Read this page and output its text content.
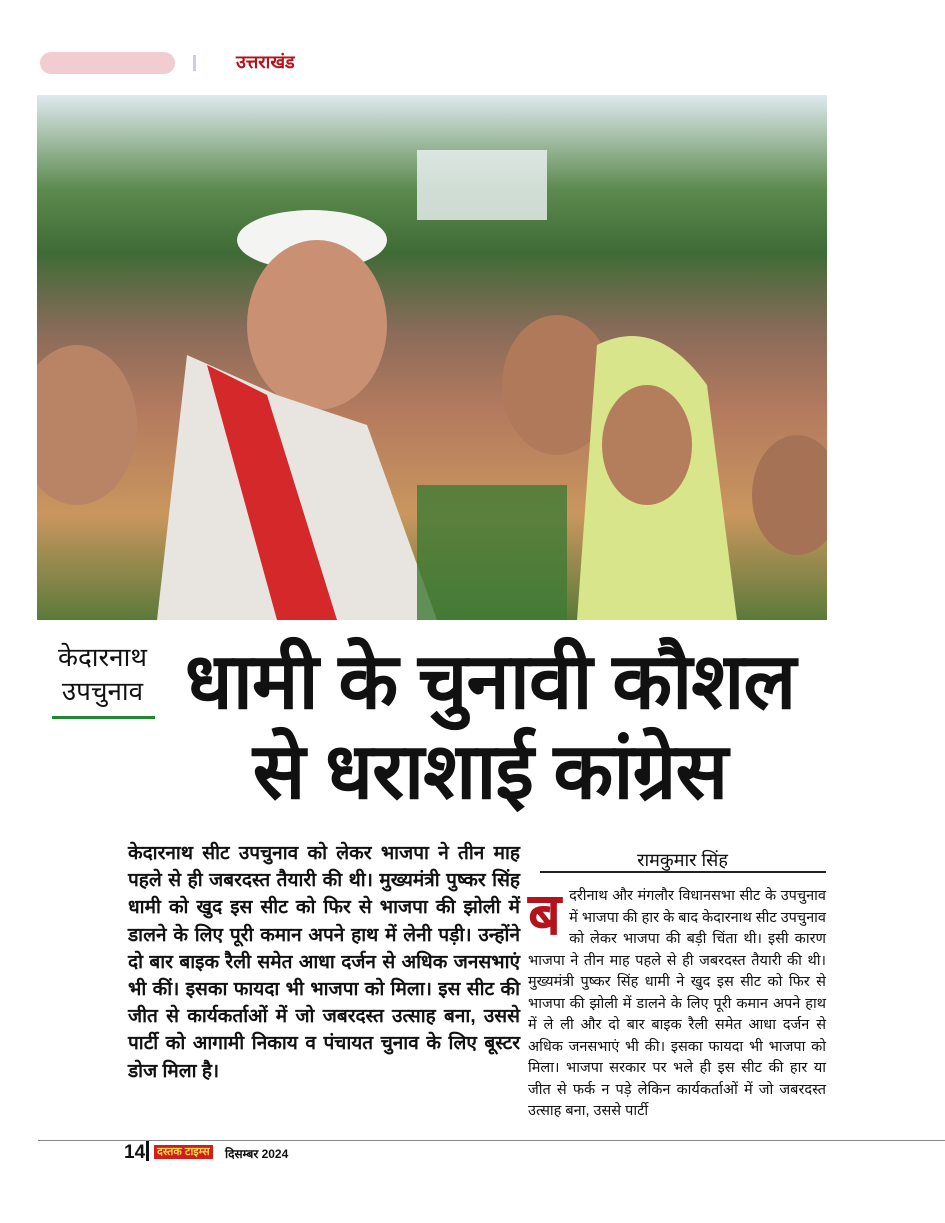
उत्तराखंड
केदारनाथ
उपचुनाव धामी के चुनावी कौशल
से धराशाई कांग्रेस
केदारनाथ सीट उपचुनाव को लेकर भाजपा ने तीन माह पहले से ही जबरदस्त तैयारी की थी। मुख्यमंत्री पुष्कर सिंह धामी को खुद इस सीट को फिर से भाजपा की झोली में डालने के लिए पूरी कमान अपने हाथ में लेनी पड़ी। उन्होंने दो बार बाइक रैली समेत आधा दर्जन से अधिक जनसभाएं भी कीं। इसका फायदा भी भाजपा को मिला। इस सीट की जीत से कार्यकर्ताओं में जो जबरदस्त उत्साह बना, उससे पार्टी को आगामी निकाय व पंचायत चुनाव के लिए बूस्टर डोज मिला है।
रामकुमार सिंह
ब दरीनाथ और मंगलौर विधानसभा सीट के उपचुनाव में भाजपा की हार के बाद केदारनाथ सीट उपचुनाव को लेकर भाजपा की बड़ी चिंता थी। इसी कारण भाजपा ने तीन माह पहले से ही जबरदस्त तैयारी की थी। मुख्यमंत्री पुष्कर सिंह धामी ने खुद इस सीट को फिर से भाजपा की झोली में डालने के लिए पूरी कमान अपने हाथ में ले ली और दो बार बाइक रैली समेत आधा दर्जन से अधिक जनसभाएं भी की। इसका फायदा भी भाजपा को मिला। भाजपा सरकार पर भले ही इस सीट की हार या जीत से फर्क न पड़े लेकिन कार्यकर्ताओं में जो जबरदस्त उत्साह बना, उससे पार्टी
14 दस्तक टाइम्स दिसम्बर 2024
